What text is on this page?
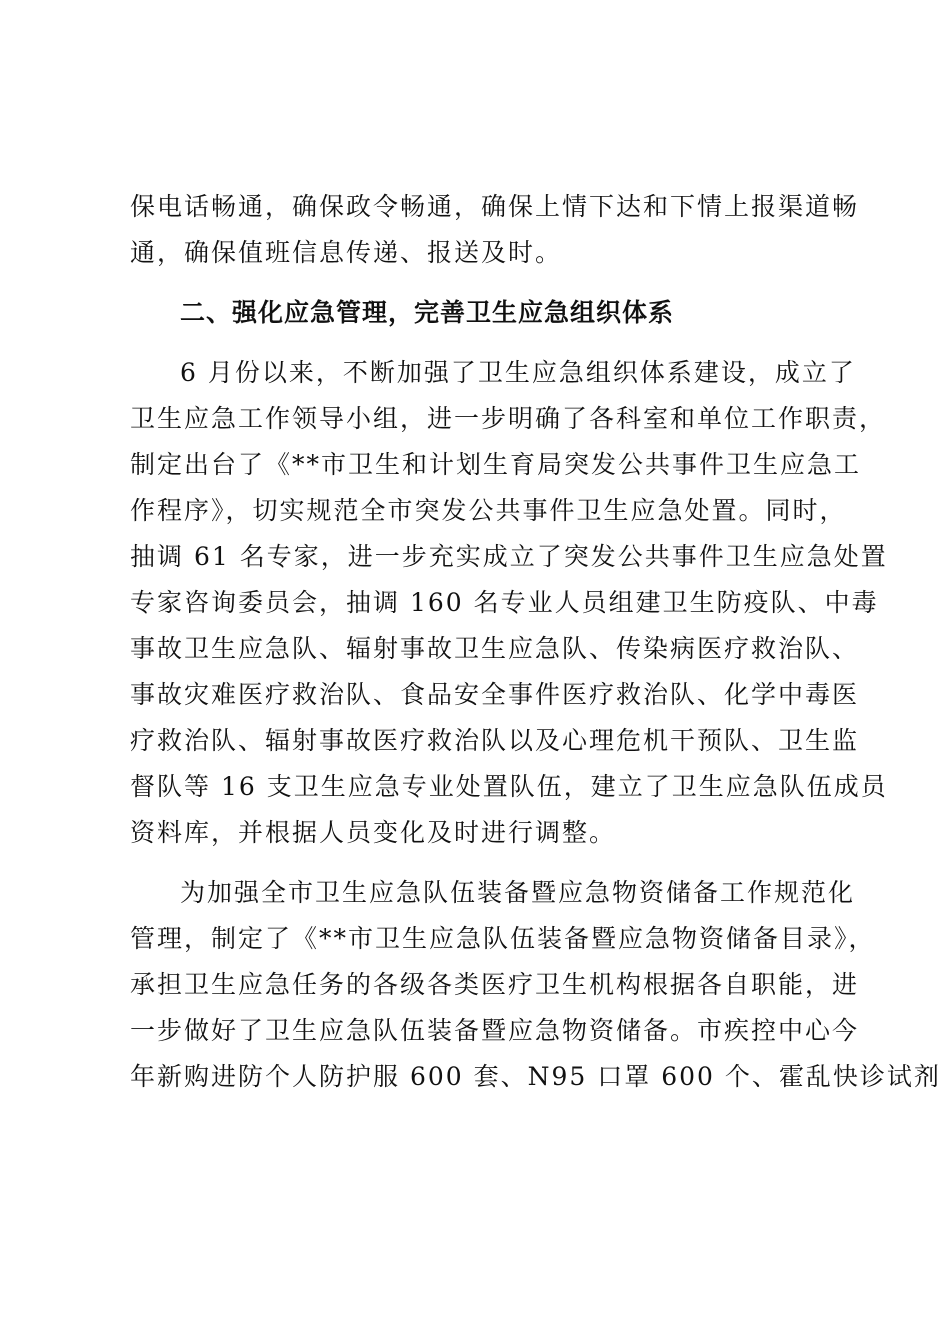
保电话畅通，确保政令畅通，确保上情下达和下情上报渠道畅
通，确保值班信息传递、报送及时。
二、强化应急管理，完善卫生应急组织体系
6 月份以来，不断加强了卫生应急组织体系建设，成立了
卫生应急工作领导小组，进一步明确了各科室和单位工作职责，
制定出台了《**市卫生和计划生育局突发公共事件卫生应急工
作程序》，切实规范全市突发公共事件卫生应急处置。同时，
抽调 61 名专家，进一步充实成立了突发公共事件卫生应急处置
专家咨询委员会，抽调 160 名专业人员组建卫生防疫队、中毒
事故卫生应急队、辐射事故卫生应急队、传染病医疗救治队、
事故灾难医疗救治队、食品安全事件医疗救治队、化学中毒医
疗救治队、辐射事故医疗救治队以及心理危机干预队、卫生监
督队等 16 支卫生应急专业处置队伍，建立了卫生应急队伍成员
资料库，并根据人员变化及时进行调整。
为加强全市卫生应急队伍装备暨应急物资储备工作规范化
管理，制定了《**市卫生应急队伍装备暨应急物资储备目录》，
承担卫生应急任务的各级各类医疗卫生机构根据各自职能，进
一步做好了卫生应急队伍装备暨应急物资储备。市疾控中心今
年新购进防个人防护服 600 套、N95 口罩 600 个、霍乱快诊试剂
